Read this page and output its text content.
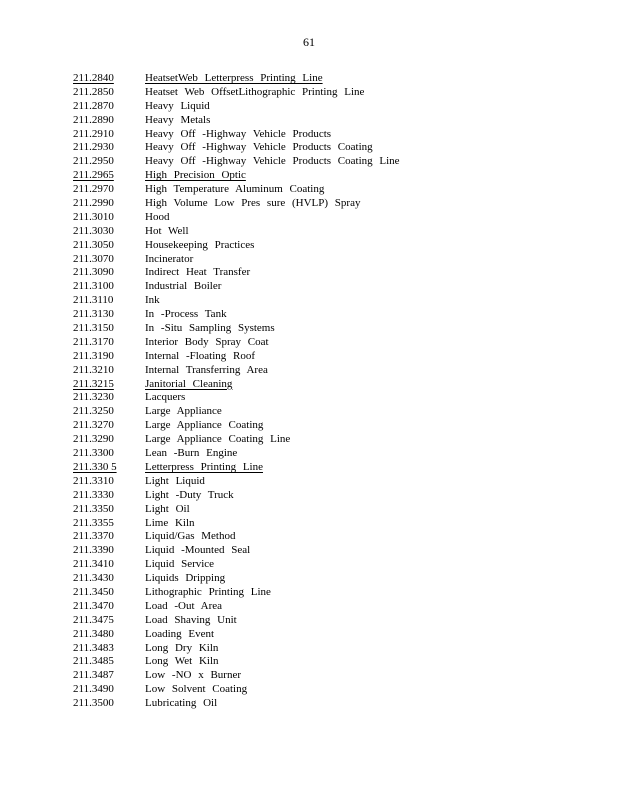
61
211.2840	HeatsetWeb Letterpress Printing Line
211.2850	Heatset Web OffsetLithographic Printing Line
211.2870	Heavy Liquid
211.2890	Heavy Metals
211.2910	Heavy Off -Highway Vehicle Products
211.2930	Heavy Off -Highway Vehicle Products Coating
211.2950	Heavy Off -Highway Vehicle Products Coating Line
211.2965	High Precision Optic
211.2970	High Temperature Aluminum Coating
211.2990	High Volume Low Pres sure (HVLP) Spray
211.3010	Hood
211.3030	Hot Well
211.3050	Housekeeping Practices
211.3070	Incinerator
211.3090	Indirect Heat Transfer
211.3100	Industrial Boiler
211.3110	Ink
211.3130	In -Process Tank
211.3150	In -Situ Sampling Systems
211.3170	Interior Body Spray Coat
211.3190	Internal -Floating Roof
211.3210	Internal Transferring Area
211.3215	Janitorial Cleaning
211.3230	Lacquers
211.3250	Large Appliance
211.3270	Large Appliance Coating
211.3290	Large Appliance Coating Line
211.3300	Lean -Burn Engine
211.330 5	Letterpress Printing Line
211.3310	Light Liquid
211.3330	Light -Duty Truck
211.3350	Light Oil
211.3355	Lime Kiln
211.3370	Liquid/Gas Method
211.3390	Liquid -Mounted Seal
211.3410	Liquid Service
211.3430	Liquids Dripping
211.3450	Lithographic Printing Line
211.3470	Load -Out Area
211.3475	Load Shaving Unit
211.3480	Loading Event
211.3483	Long Dry Kiln
211.3485	Long Wet Kiln
211.3487	Low -NO x Burner
211.3490	Low Solvent Coating
211.3500	Lubricating Oil
